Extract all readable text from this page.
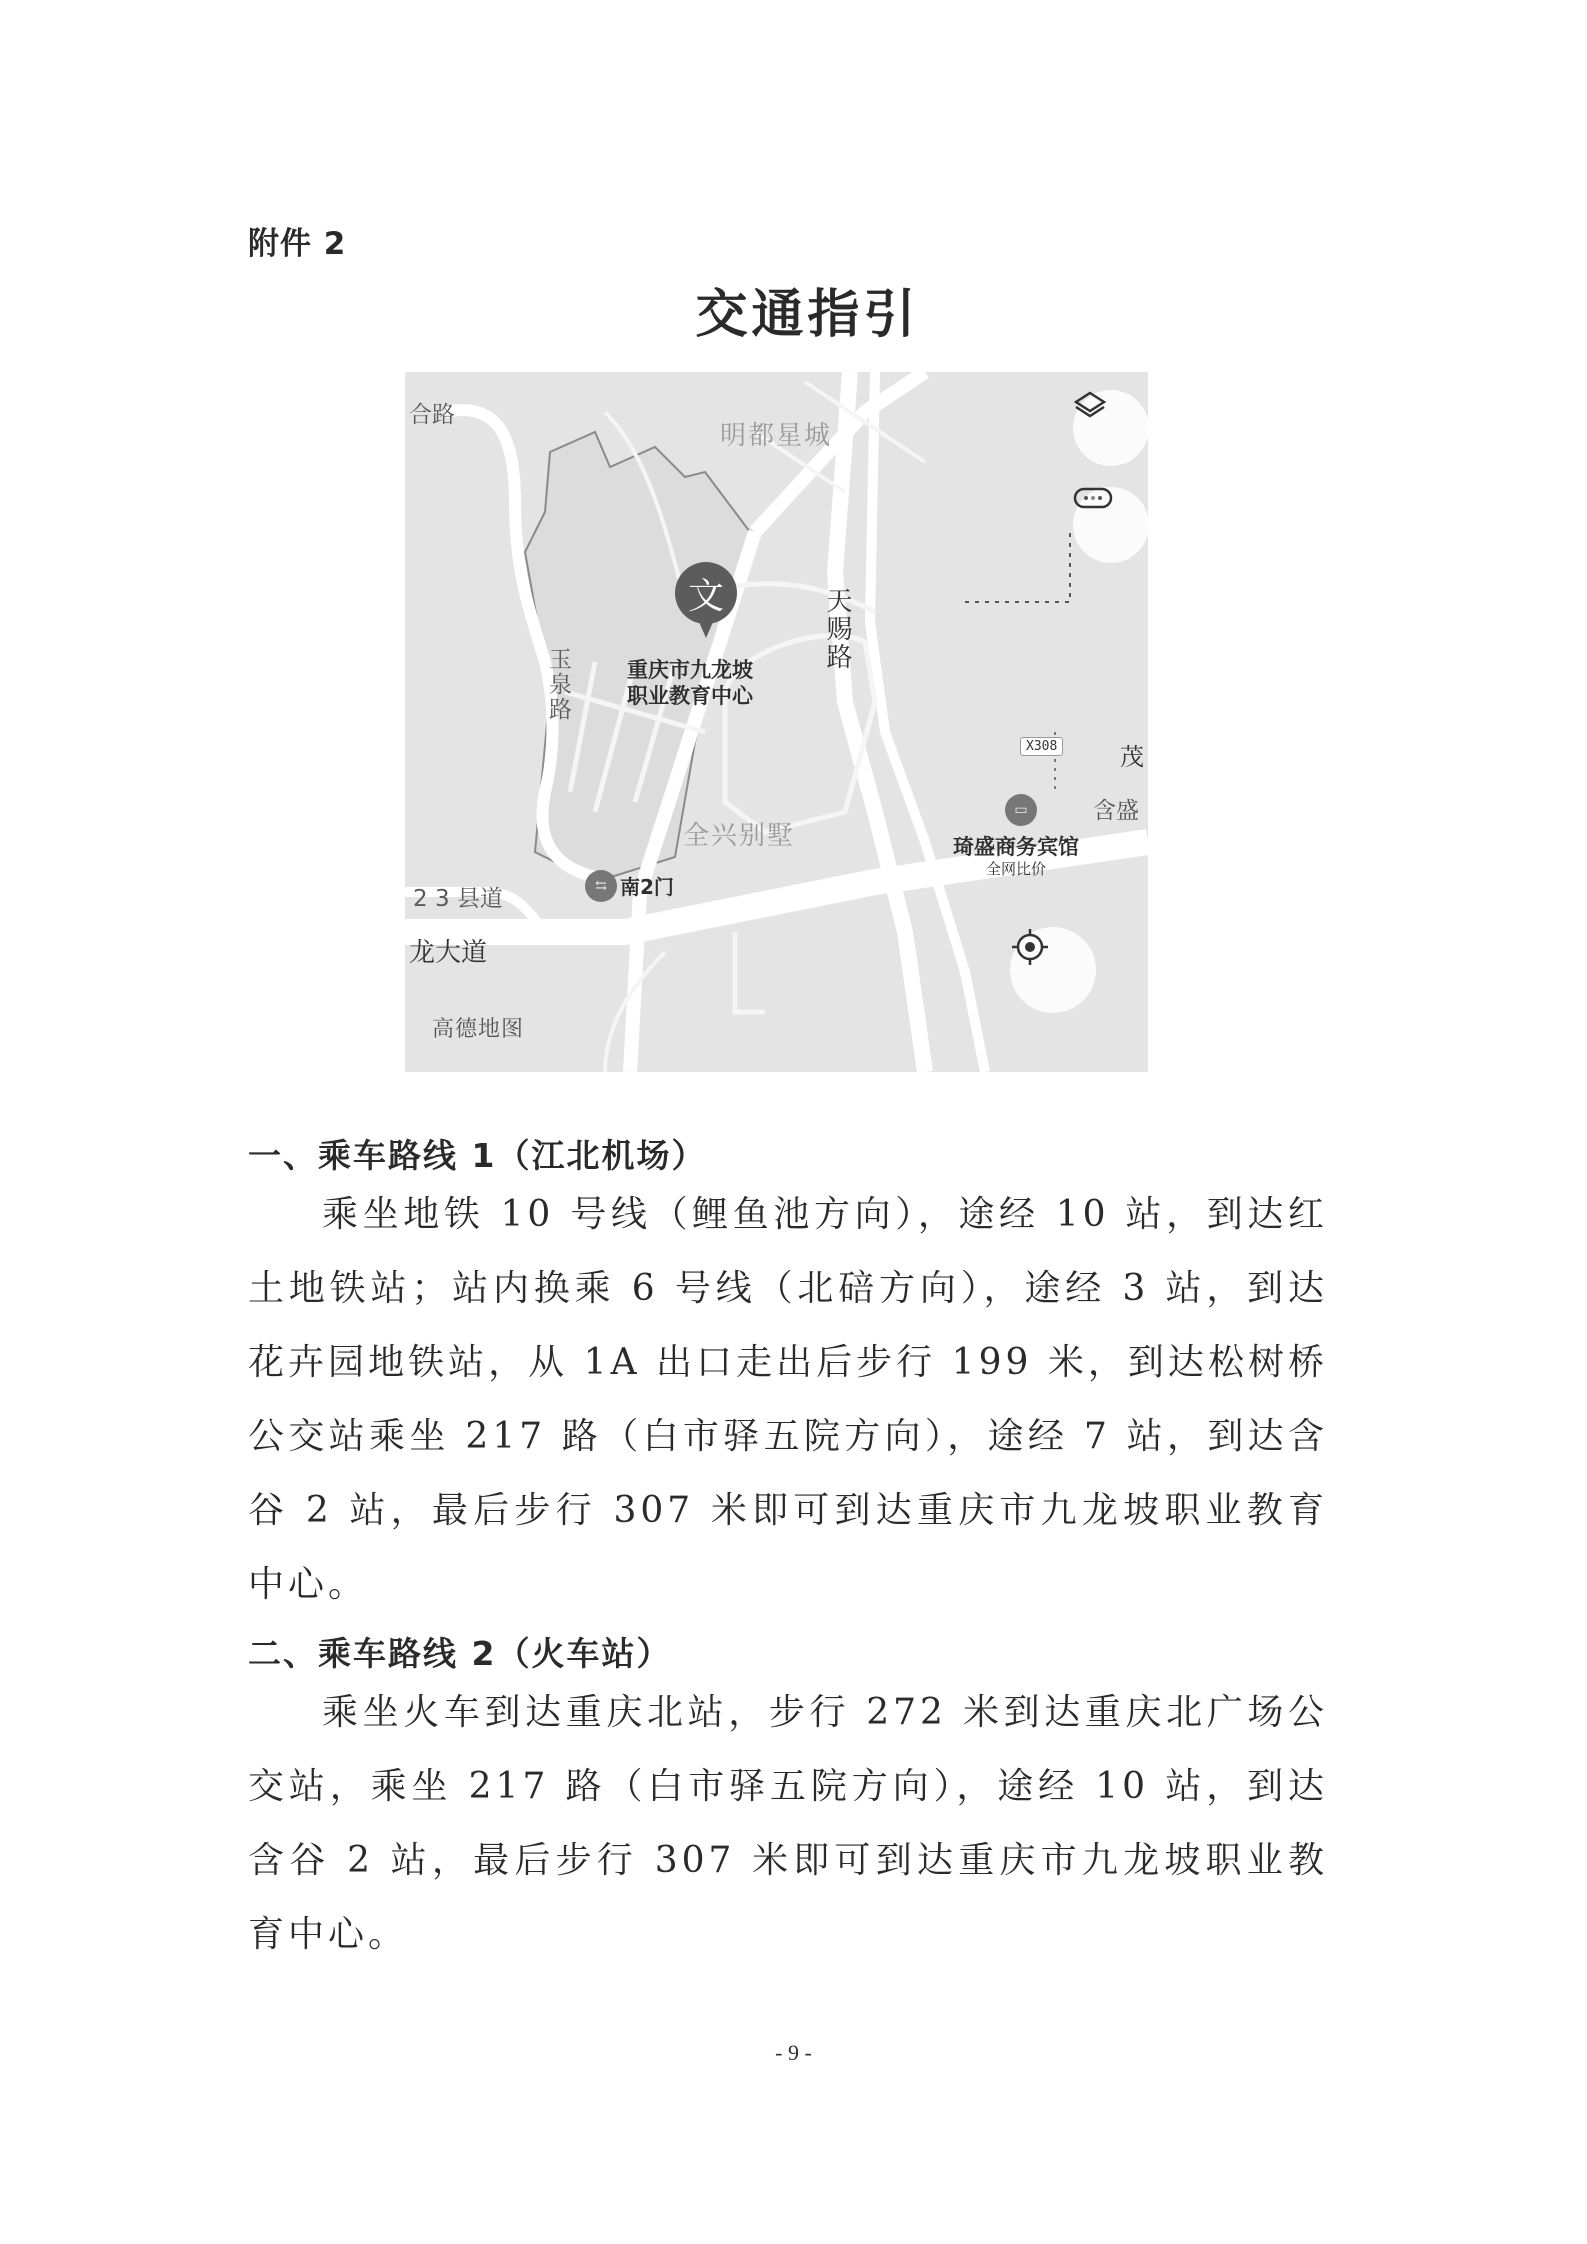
附件 2
交通指引
合路
明都星城
玉泉路
天赐路
2 3 县道
龙大道
全兴别墅
茂
含盛
X308
文
重庆市九龙坡
职业教育中心
⇆ 南2门
▭
琦盛商务宾馆
全网比价
高德地图
一、乘车路线 1（江北机场）
乘坐地铁 10 号线（鲤鱼池方向），途经 10 站，到达红土地铁站；站内换乘 6 号线（北碚方向），途经 3 站，到达花卉园地铁站，从 1A 出口走出后步行 199 米，到达松树桥公交站乘坐 217 路（白市驿五院方向），途经 7 站，到达含谷 2 站，最后步行 307 米即可到达重庆市九龙坡职业教育中心。
二、乘车路线 2（火车站）
乘坐火车到达重庆北站，步行 272 米到达重庆北广场公交站，乘坐 217 路（白市驿五院方向），途经 10 站，到达含谷 2 站，最后步行 307 米即可到达重庆市九龙坡职业教育中心。
- 9 -
